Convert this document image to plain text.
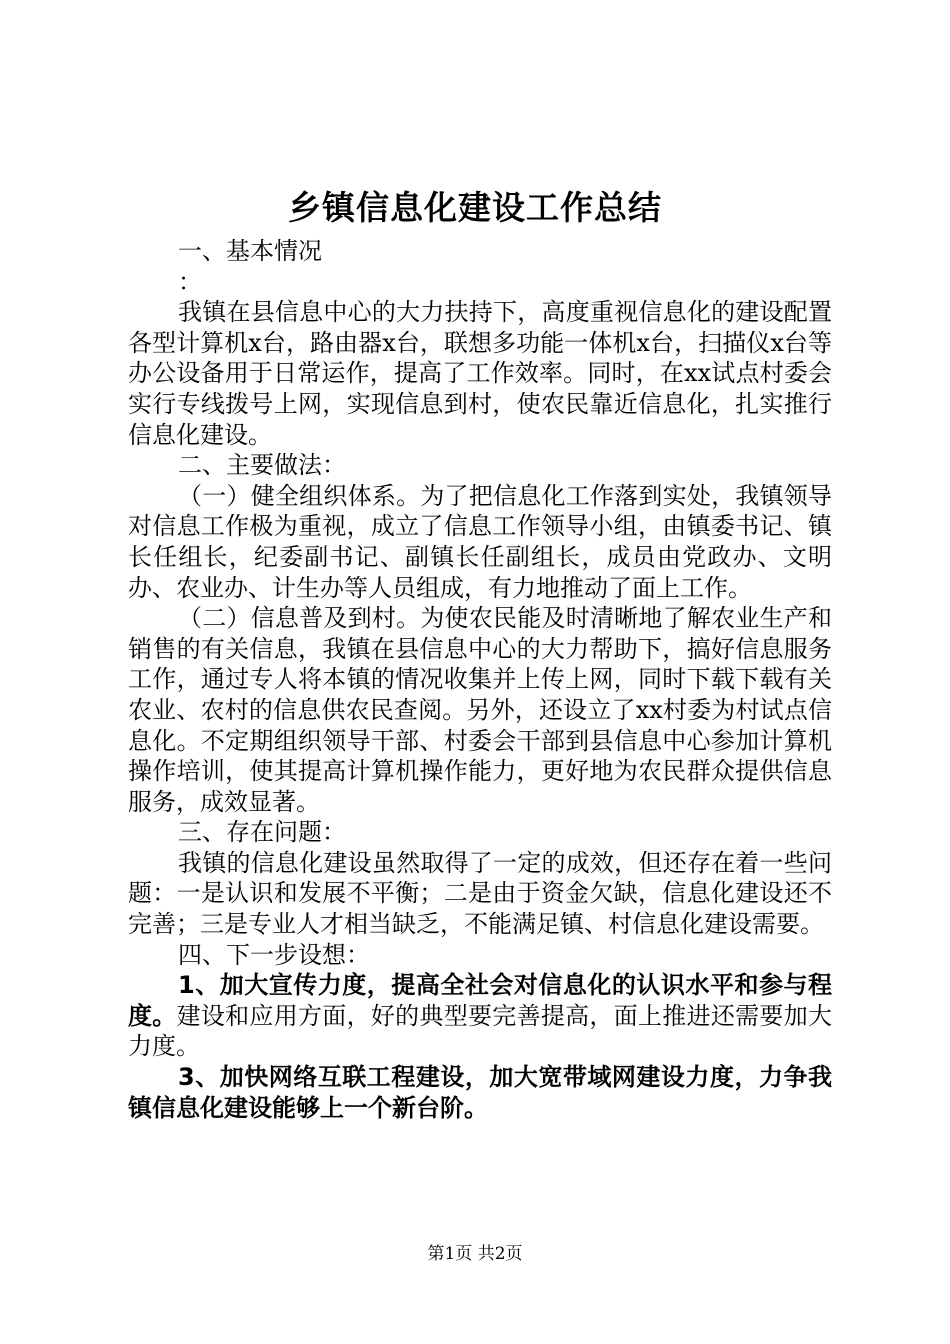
乡镇信息化建设工作总结

一、基本情况

：

我镇在县信息中心的大力扶持下，高度重视信息化的建设配置各型计算机x台，路由器x台，联想多功能一体机x台，扫描仪x台等办公设备用于日常运作，提高了工作效率。同时，在xx试点村委会实行专线拨号上网，实现信息到村，使农民靠近信息化，扎实推行信息化建设。

二、主要做法：

（一）健全组织体系。为了把信息化工作落到实处，我镇领导对信息工作极为重视，成立了信息工作领导小组，由镇委书记、镇长任组长，纪委副书记、副镇长任副组长，成员由党政办、文明办、农业办、计生办等人员组成，有力地推动了面上工作。

（二）信息普及到村。为使农民能及时清晰地了解农业生产和销售的有关信息，我镇在县信息中心的大力帮助下，搞好信息服务工作，通过专人将本镇的情况收集并上传上网，同时下载下载有关农业、农村的信息供农民查阅。另外，还设立了xx村委为村试点信息化。不定期组织领导干部、村委会干部到县信息中心参加计算机操作培训，使其提高计算机操作能力，更好地为农民群众提供信息服务，成效显著。

三、存在问题：

我镇的信息化建设虽然取得了一定的成效，但还存在着一些问题：一是认识和发展不平衡；二是由于资金欠缺，信息化建设还不完善；三是专业人才相当缺乏，不能满足镇、村信息化建设需要。

四、下一步设想：

1、加大宣传力度，提高全社会对信息化的认识水平和参与程度。建设和应用方面，好的典型要完善提高，面上推进还需要加大力度。

3、加快网络互联工程建设，加大宽带域网建设力度，力争我镇信息化建设能够上一个新台阶。

第1页 共2页
